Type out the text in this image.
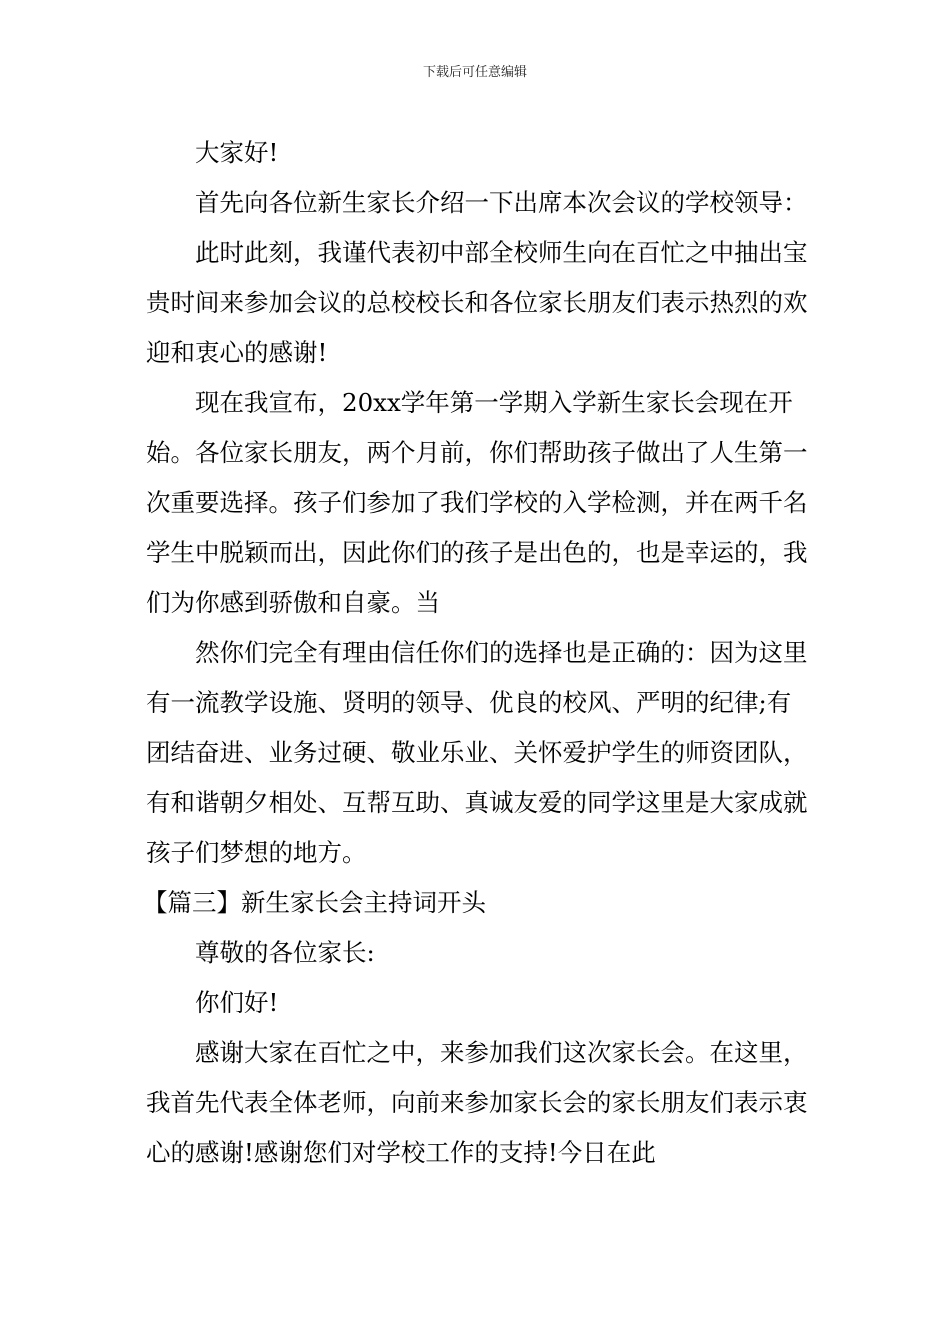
下载后可任意编辑

大家好!

首先向各位新生家长介绍一下出席本次会议的学校领导：

此时此刻，我谨代表初中部全校师生向在百忙之中抽出宝贵时间来参加会议的总校校长和各位家长朋友们表示热烈的欢迎和衷心的感谢!

现在我宣布，20xx学年第一学期入学新生家长会现在开始。各位家长朋友，两个月前，你们帮助孩子做出了人生第一次重要选择。孩子们参加了我们学校的入学检测，并在两千名学生中脱颖而出，因此你们的孩子是出色的，也是幸运的，我们为你感到骄傲和自豪。当

然你们完全有理由信任你们的选择也是正确的：因为这里有一流教学设施、贤明的领导、优良的校风、严明的纪律;有团结奋进、业务过硬、敬业乐业、关怀爱护学生的师资团队，有和谐朝夕相处、互帮互助、真诚友爱的同学这里是大家成就孩子们梦想的地方。

【篇三】新生家长会主持词开头

尊敬的各位家长:

你们好!

感谢大家在百忙之中，来参加我们这次家长会。在这里，我首先代表全体老师，向前来参加家长会的家长朋友们表示衷心的感谢!感谢您们对学校工作的支持!今日在此
